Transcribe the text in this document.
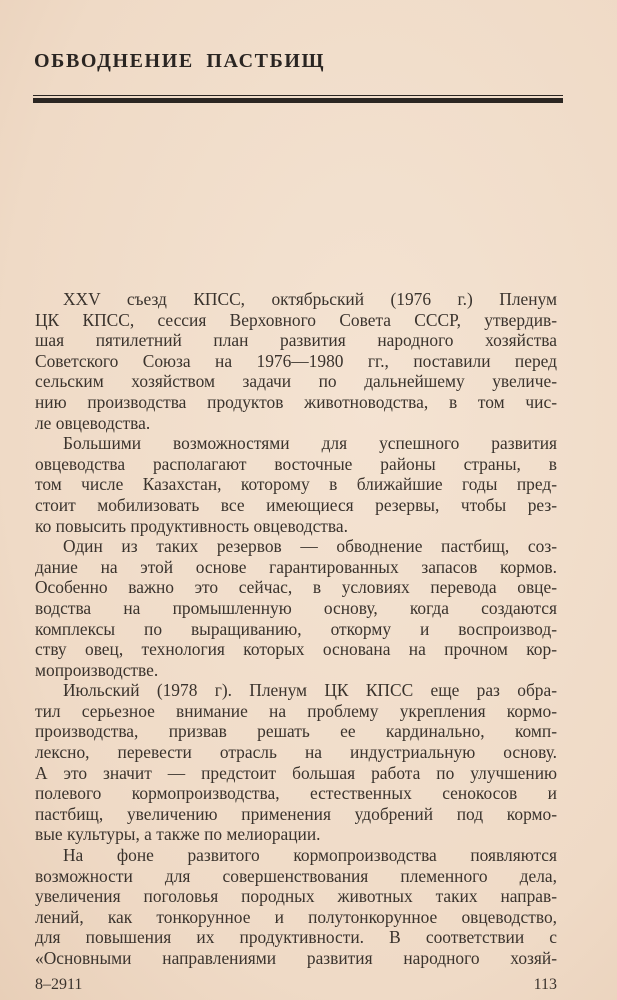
ОБВОДНЕНИЕ ПАСТБИЩ
XXV съезд КПСС, октябрьский (1976 г.) Пленум
ЦК КПСС, сессия Верховного Совета СССР, утвердив-
шая пятилетний план развития народного хозяйства
Советского Союза на 1976—1980 гг., поставили перед
сельским хозяйством задачи по дальнейшему увеличе-
нию производства продуктов животноводства, в том чис-
ле овцеводства.
Большими возможностями для успешного развития
овцеводства располагают восточные районы страны, в
том числе Казахстан, которому в ближайшие годы пред-
стоит мобилизовать все имеющиеся резервы, чтобы рез-
ко повысить продуктивность овцеводства.
Один из таких резервов — обводнение пастбищ, соз-
дание на этой основе гарантированных запасов кормов.
Особенно важно это сейчас, в условиях перевода овце-
водства на промышленную основу, когда создаются
комплексы по выращиванию, откорму и воспроизвод-
ству овец, технология которых основана на прочном кор-
мопроизводстве.
Июльский (1978 г). Пленум ЦК КПСС еще раз обра-
тил серьезное внимание на проблему укрепления кормо-
производства, призвав решать ее кардинально, комп-
лексно, перевести отрасль на индустриальную основу.
А это значит — предстоит большая работа по улучшению
полевого кормопроизводства, естественных сенокосов и
пастбищ, увеличению применения удобрений под кормо-
вые культуры, а также по мелиорации.
На фоне развитого кормопроизводства появляются
возможности для совершенствования племенного дела,
увеличения поголовья породных животных таких направ-
лений, как тонкорунное и полутонкорунное овцеводство,
для повышения их продуктивности. В соответствии с
«Основными направлениями развития народного хозяй-
8–2911	113
